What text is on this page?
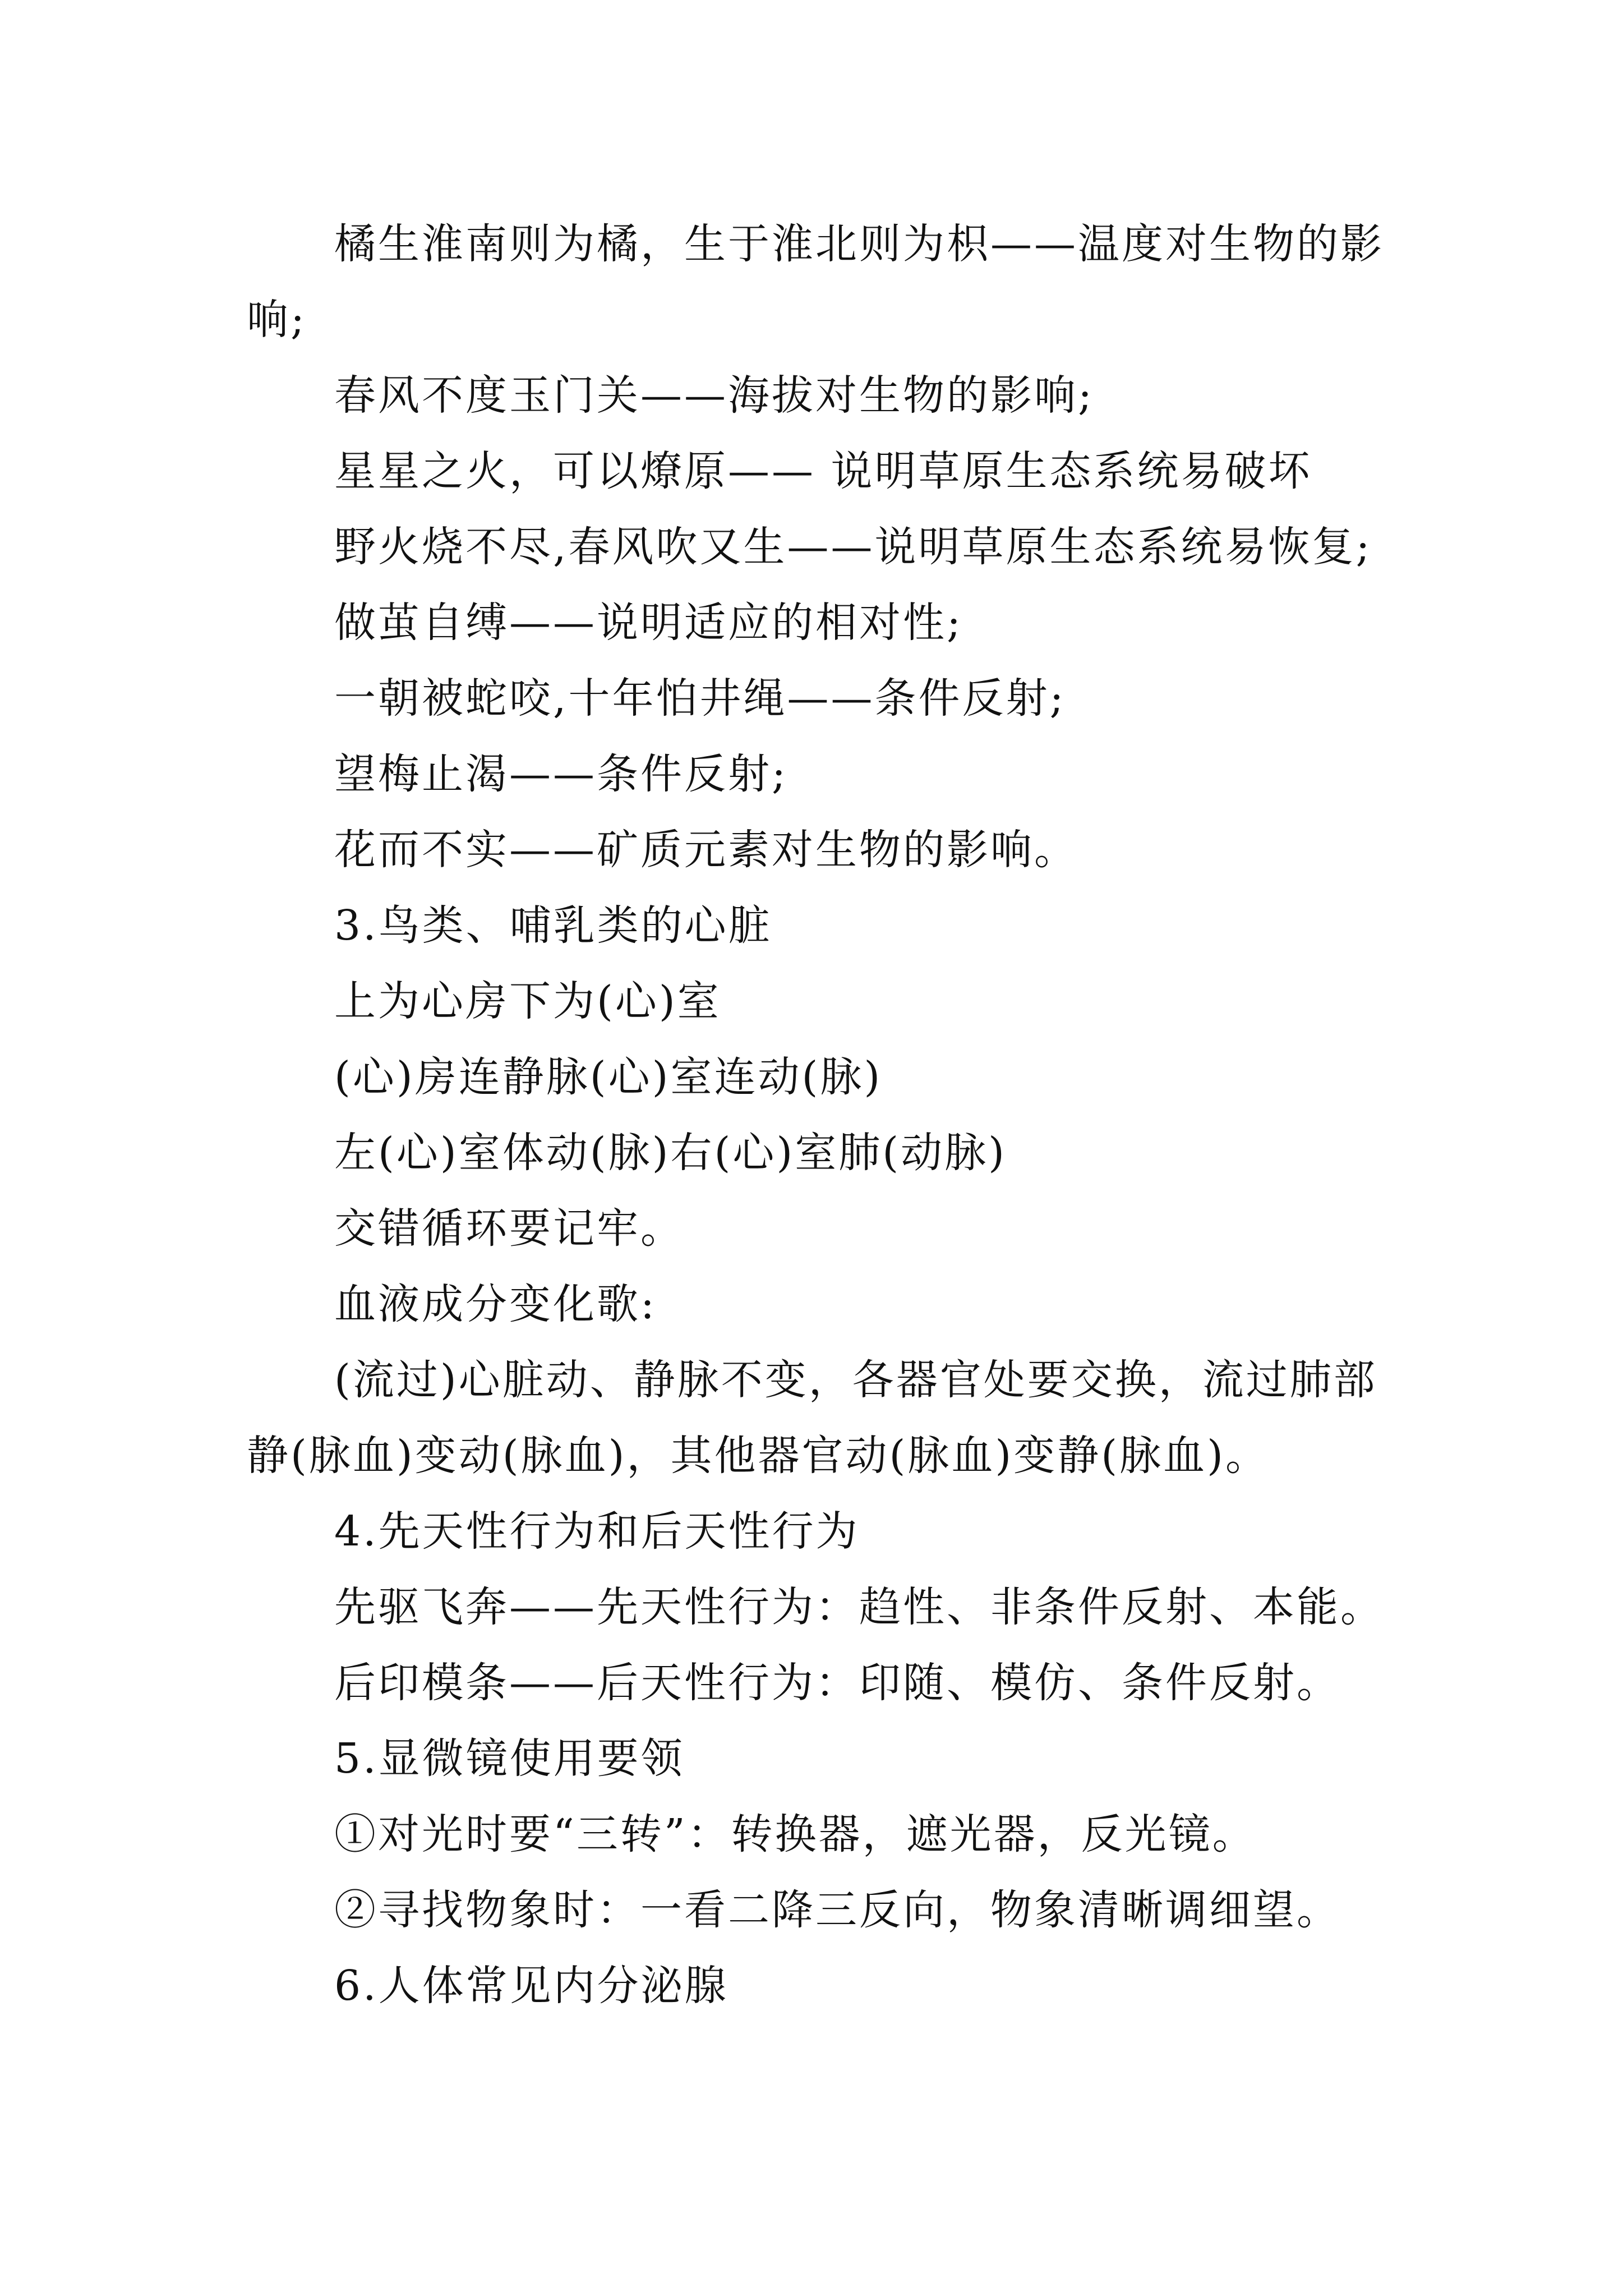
橘生淮南则为橘，生于淮北则为枳——温度对生物的影
响;
春风不度玉门关——海拔对生物的影响;
星星之火，可以燎原—— 说明草原生态系统易破坏
野火烧不尽,春风吹又生——说明草原生态系统易恢复;
做茧自缚——说明适应的相对性;
一朝被蛇咬,十年怕井绳——条件反射;
望梅止渴——条件反射;
花而不实——矿质元素对生物的影响。
3.鸟类、哺乳类的心脏
上为心房下为(心)室
(心)房连静脉(心)室连动(脉)
左(心)室体动(脉)右(心)室肺(动脉)
交错循环要记牢。
血液成分变化歌:
(流过)心脏动、静脉不变，各器官处要交换，流过肺部
静(脉血)变动(脉血)，其他器官动(脉血)变静(脉血)。
4.先天性行为和后天性行为
先驱飞奔——先天性行为：趋性、非条件反射、本能。
后印模条——后天性行为：印随、模仿、条件反射。
5.显微镜使用要领
①对光时要“三转”：转换器，遮光器，反光镜。
②寻找物象时：一看二降三反向，物象清晰调细望。
6.人体常见内分泌腺
